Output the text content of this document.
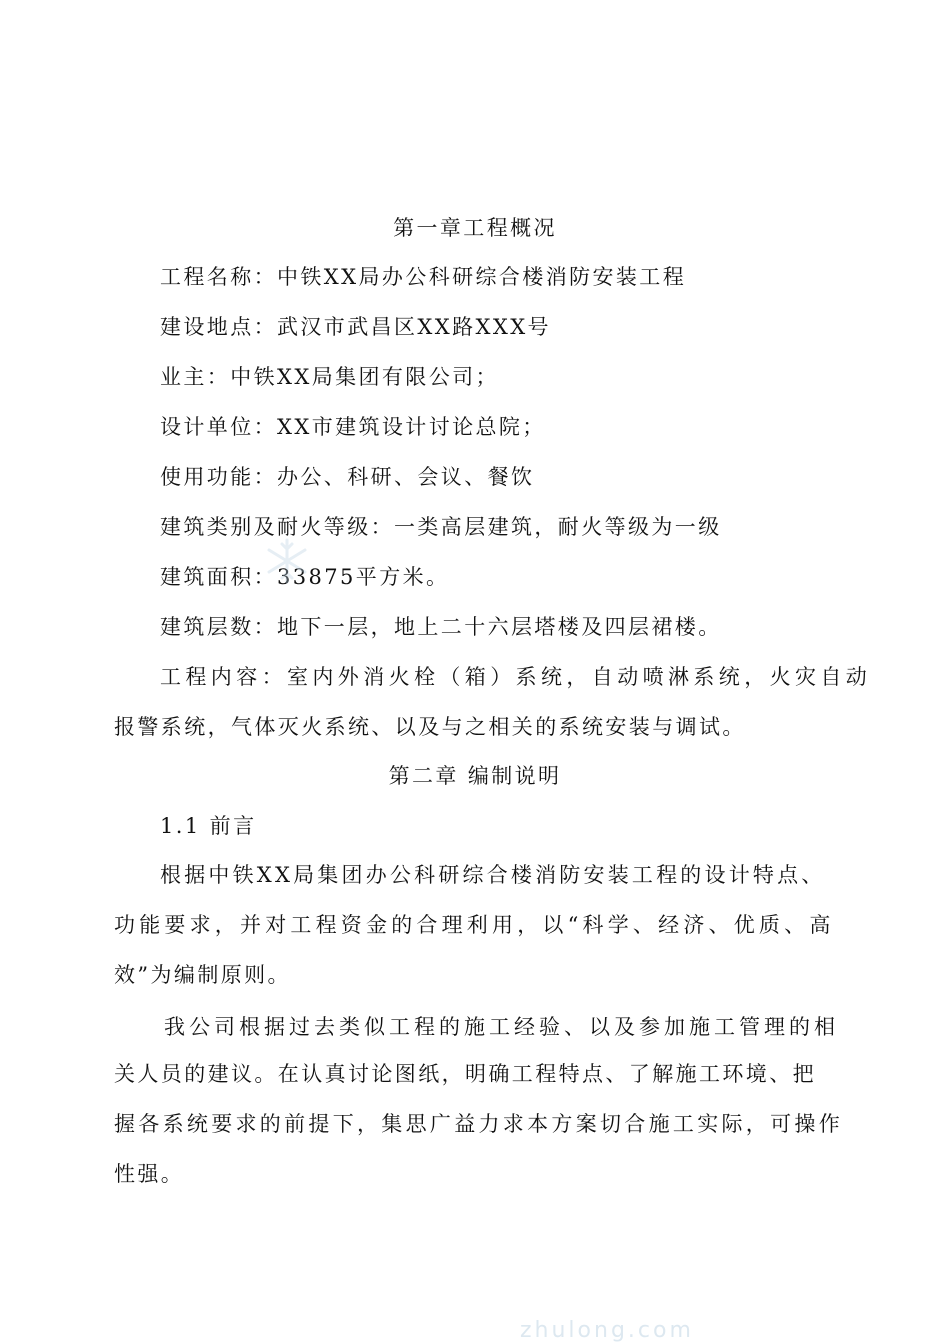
第一章工程概况
工程名称：中铁XX局办公科研综合楼消防安装工程
建设地点：武汉市武昌区XX路XXX号
业主：中铁XX局集团有限公司；
设计单位：XX市建筑设计讨论总院；
使用功能：办公、科研、会议、餐饮
建筑类别及耐火等级：一类高层建筑，耐火等级为一级
建筑面积：33875平方米。
建筑层数：地下一层，地上二十六层塔楼及四层裙楼。
工程内容：室内外消火栓（箱）系统，自动喷淋系统，火灾自动
报警系统，气体灭火系统、以及与之相关的系统安装与调试。
第二章 编制说明
1.1 前言
根据中铁XX局集团办公科研综合楼消防安装工程的设计特点、
功能要求，并对工程资金的合理利用，以“科学、经济、优质、高
效”为编制原则。
我公司根据过去类似工程的施工经验、以及参加施工管理的相
关人员的建议。在认真讨论图纸，明确工程特点、了解施工环境、把
握各系统要求的前提下，集思广益力求本方案切合施工实际，可操作
性强。
zhulong.com
